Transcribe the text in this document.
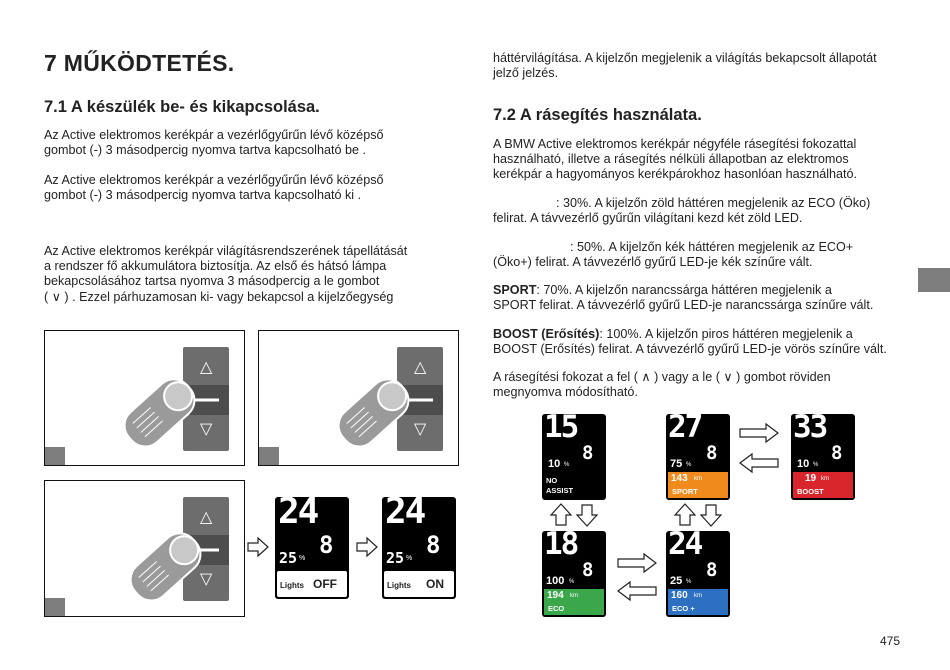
7 MŰKÖDTETÉS.
7.1 A készülék be- és kikapcsolása.

Az Active elektromos kerékpár a vezérlőgyűrűn lévő középső

gombot (-) 3 másodpercig nyomva tartva kapcsolható be .

Az Active elektromos kerékpár a vezérlőgyűrűn lévő középső

gombot (-) 3 másodpercig nyomva tartva kapcsolható ki .

Az Active elektromos kerékpár világításrendszerének tápellátását

a rendszer fő akkumulátora biztosítja. Az első és hátsó lámpa

bekapcsolásához tartsa nyomva 3 másodpercig a le gombot

( ∨ ) . Ezzel párhuzamosan ki- vagy bekapcsol a kijelzőegység

△
▽
△
▽
△
▽
24
8
25 %
Lights OFF
24
8
25 %
Lights ON

háttérvilágítása. A kijelzőn megjelenik a világítás bekapcsolt állapotát

jelző jelzés.

7.2 A rásegítés használata.

A BMW Active elektromos kerékpár négyféle rásegítési fokozattal

használható, illetve a rásegítés nélküli állapotban az elektromos

kerékpár a hagyományos kerékpárokhoz hasonlóan használható.

: 30%. A kijelzőn zöld háttéren megjelenik az ECO (Öko)

felirat. A távvezérlő gyűrűn világítani kezd két zöld LED.

: 50%. A kijelzőn kék háttéren megjelenik az ECO+

(Öko+) felirat. A távvezérlő gyűrű LED-je kék színűre vált.

SPORT: 70%. A kijelzőn narancssárga háttéren megjelenik a

SPORT felirat. A távvezérlő gyűrű LED-je narancssárga színűre vált.

BOOST (Erősítés): 100%. A kijelzőn piros háttéren megjelenik a

BOOST (Erősítés) felirat. A távvezérlő gyűrű LED-je vörös színűre vált.

A rásegítési fokozat a fel ( ∧ ) vagy a le ( ∨ ) gombot röviden

megnyomva módosítható.

15
8
10 %
NO
ASSIST
27
8
75 %
143 km
SPORT
33
8
10 %
19 km
BOOST
18
8
100 %
194 km
ECO
24
8
25 %
160 km
ECO +
475
